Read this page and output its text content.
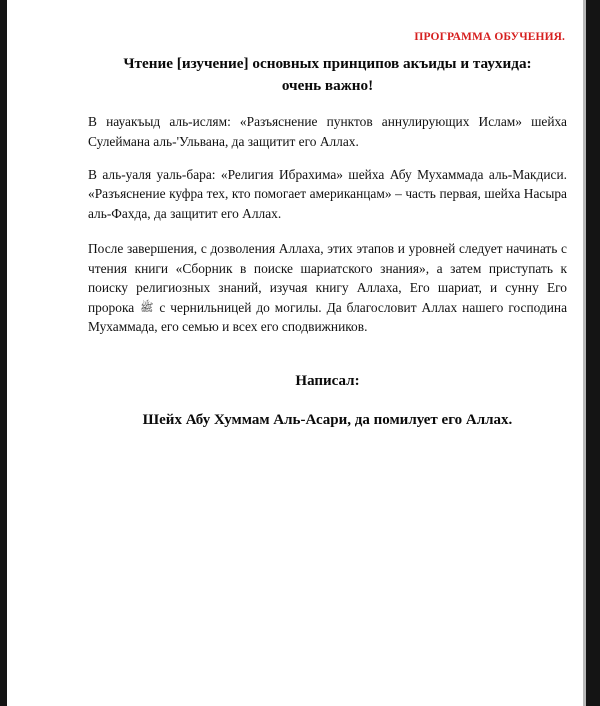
ПРОГРАММА ОБУЧЕНИЯ.
Чтение [изучение] основных принципов акъиды и таухида:
очень важно!

В науакъыд аль-ислям: «Разъяснение пунктов аннулирующих Ислам» шейха Сулеймана аль-'Ульвана, да защитит его Аллах.

В аль-уаля уаль-бара: «Религия Ибрахима» шейха Абу Мухаммада аль-Макдиси. «Разъяснение куфра тех, кто помогает американцам» – часть первая, шейха Насыра аль-Фахда, да защитит его Аллах.

После завершения, с дозволения Аллаха, этих этапов и уровней следует начинать с чтения книги «Сборник в поиске шариатского знания», а затем приступать к поиску религиозных знаний, изучая книгу Аллаха, Его шариат, и сунну Его пророка ﷺ с чернильницей до могилы. Да благословит Аллах нашего господина Мухаммада, его семью и всех его сподвижников.

Написал:
Шейх Абу Хуммам Аль-Асари, да помилует его Аллах.
